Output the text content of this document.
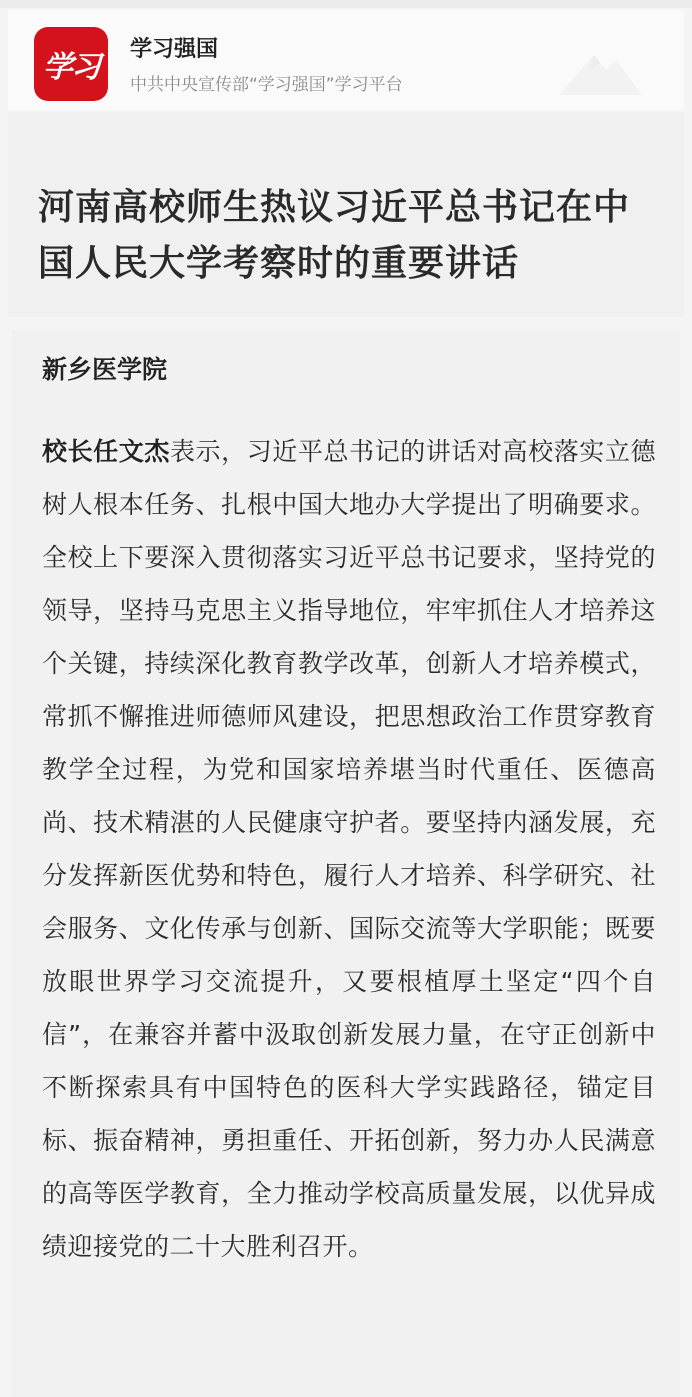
学习
学习强国
中共中央宣传部“学习强国”学习平台
河南高校师生热议习近平总书记在中国人民大学考察时的重要讲话
新乡医学院

校长任文杰表示，习近平总书记的讲话对高校落实立德树人根本任务、扎根中国大地办大学提出了明确要求。全校上下要深入贯彻落实习近平总书记要求，坚持党的领导，坚持马克思主义指导地位，牢牢抓住人才培养这个关键，持续深化教育教学改革，创新人才培养模式，常抓不懈推进师德师风建设，把思想政治工作贯穿教育教学全过程，为党和国家培养堪当时代重任、医德高尚、技术精湛的人民健康守护者。要坚持内涵发展，充分发挥新医优势和特色，履行人才培养、科学研究、社会服务、文化传承与创新、国际交流等大学职能；既要放眼世界学习交流提升，又要根植厚土坚定“四个自信”，在兼容并蓄中汲取创新发展力量，在守正创新中不断探索具有中国特色的医科大学实践路径，锚定目标、振奋精神，勇担重任、开拓创新，努力办人民满意的高等医学教育，全力推动学校高质量发展，以优异成绩迎接党的二十大胜利召开。
